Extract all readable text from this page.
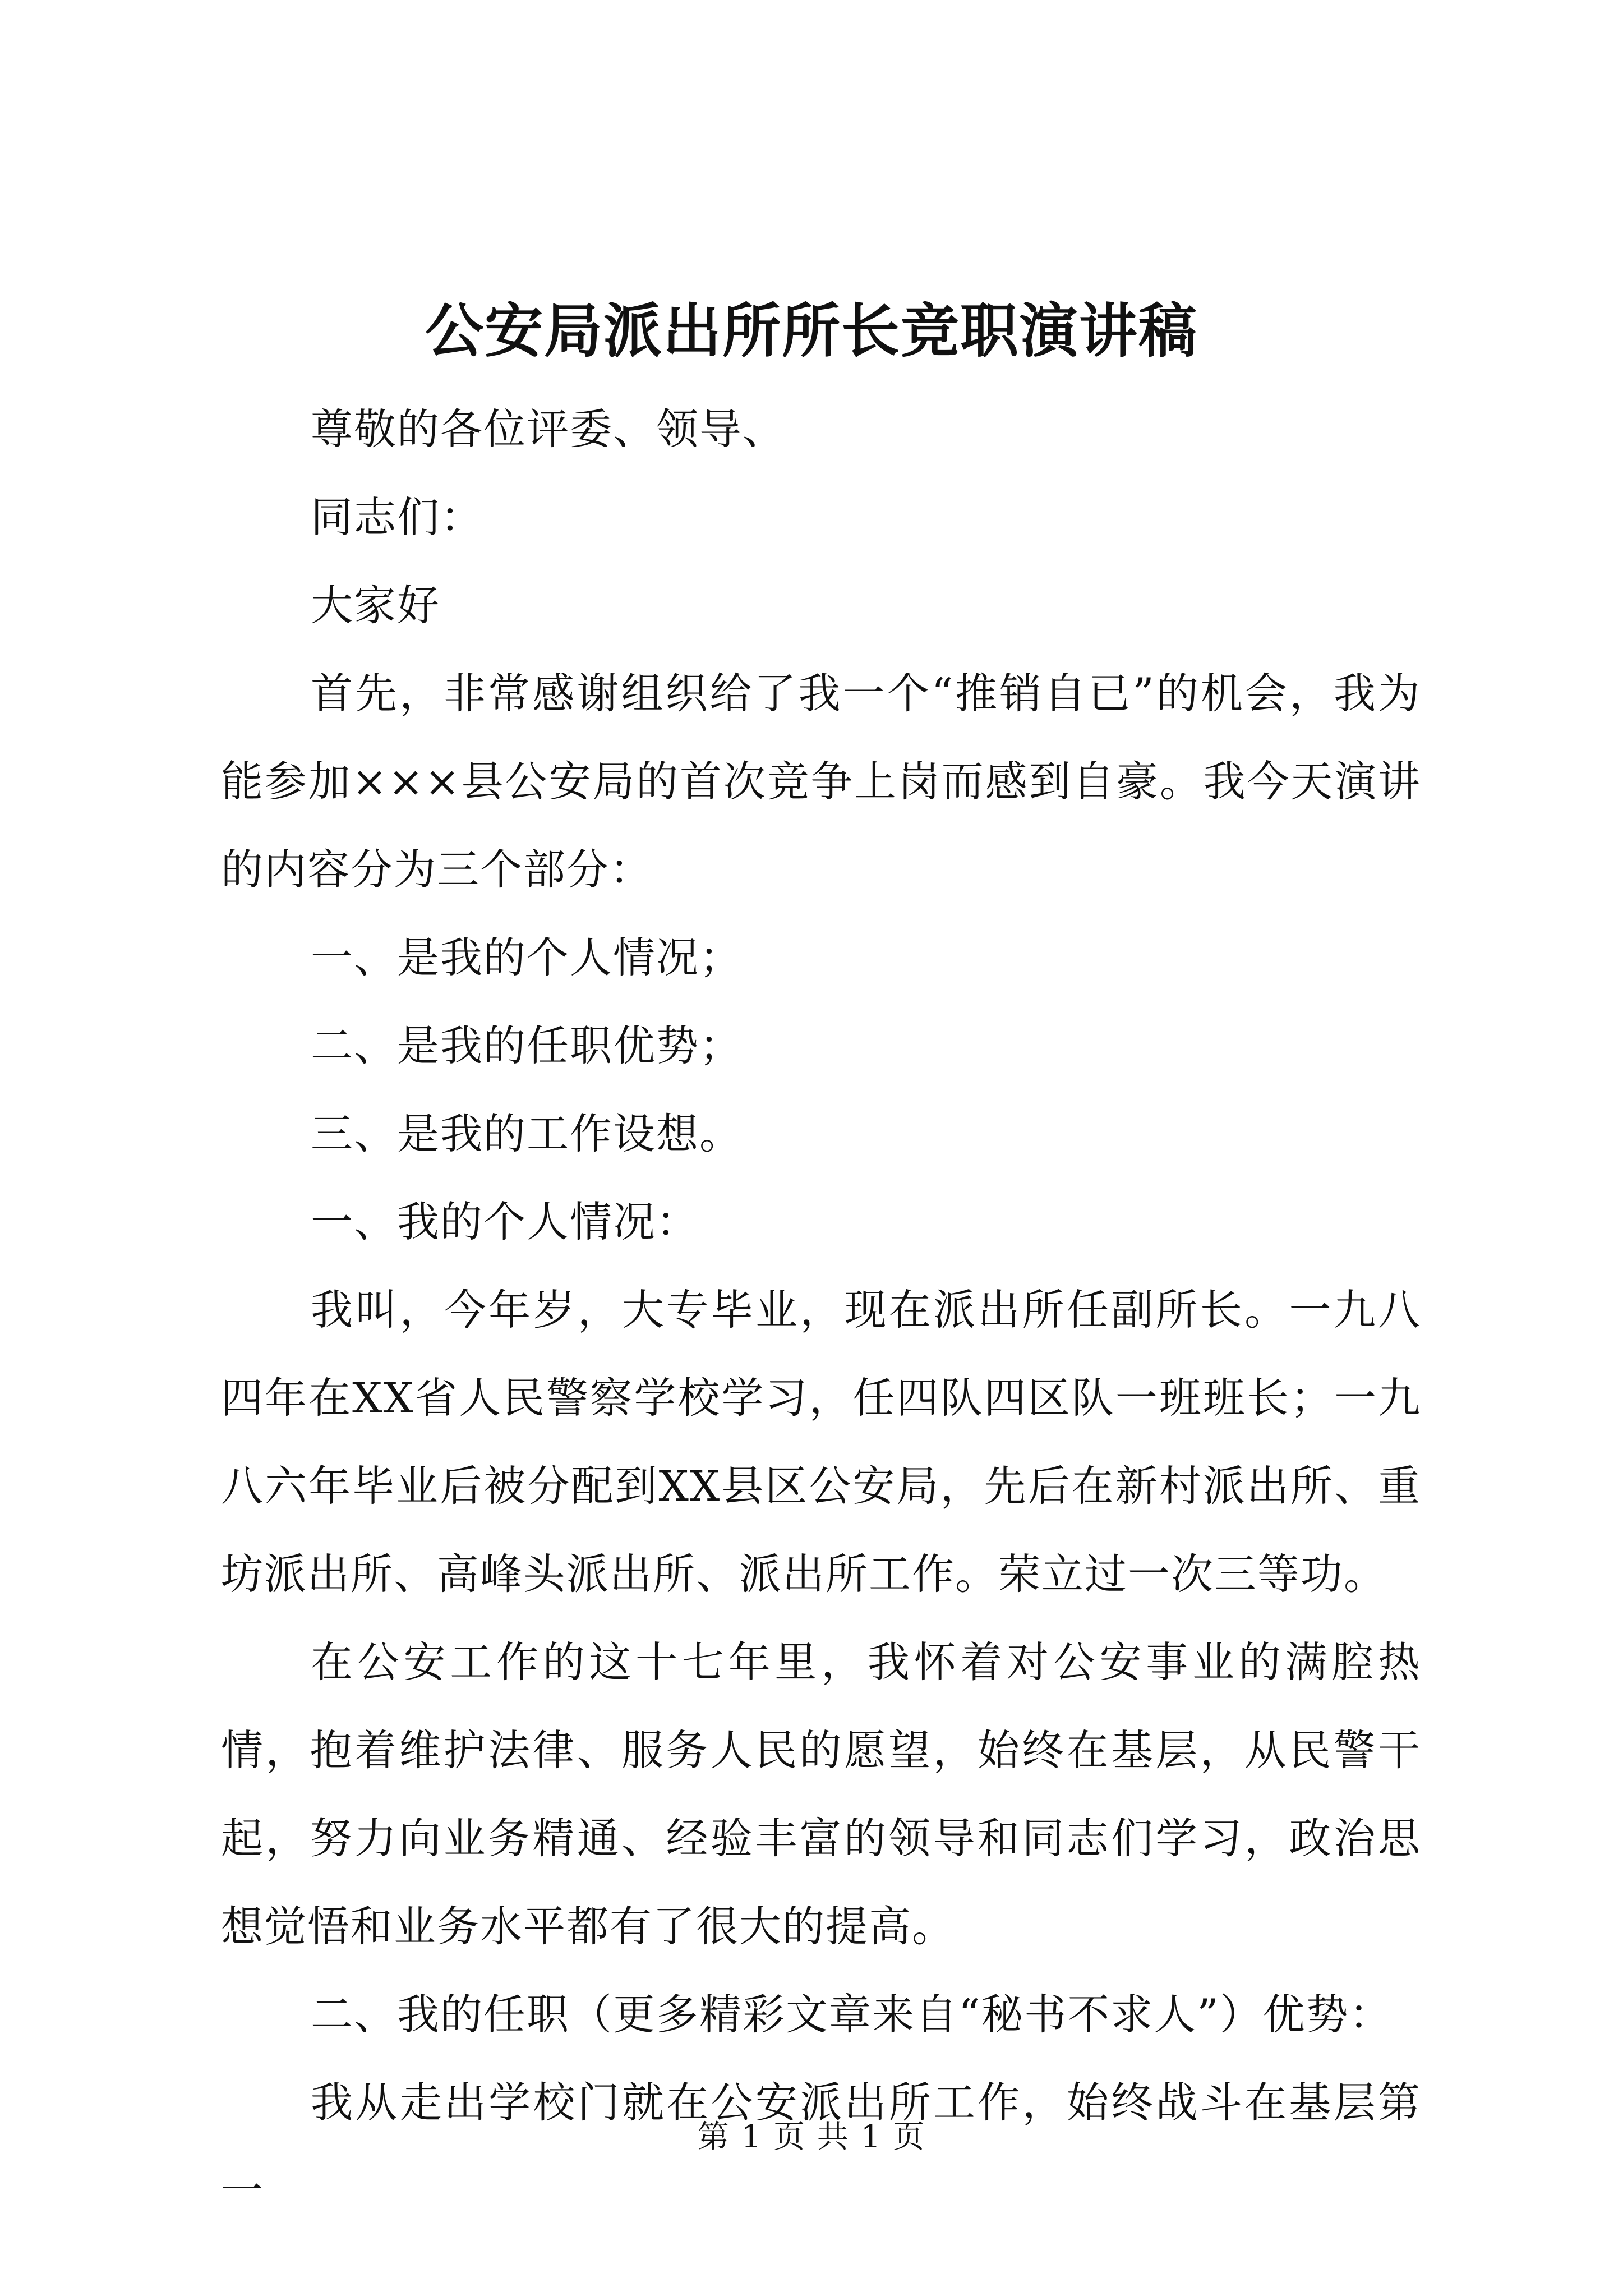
公安局派出所所长竞职演讲稿

尊敬的各位评委、领导、

同志们：

大家好

首先，非常感谢组织给了我一个“推销自已”的机会，我为能参加×××县公安局的首次竞争上岗而感到自豪。我今天演讲的内容分为三个部分：

一、是我的个人情况；

二、是我的任职优势；

三、是我的工作设想。

一、我的个人情况：

我叫，今年岁，大专毕业，现在派出所任副所长。一九八四年在XX省人民警察学校学习，任四队四区队一班班长；一九八六年毕业后被分配到XX县区公安局，先后在新村派出所、重坊派出所、高峰头派出所、派出所工作。荣立过一次三等功。

在公安工作的这十七年里，我怀着对公安事业的满腔热情，抱着维护法律、服务人民的愿望，始终在基层，从民警干起，努力向业务精通、经验丰富的领导和同志们学习，政治思想觉悟和业务水平都有了很大的提高。

二、我的任职（更多精彩文章来自“秘书不求人”）优势：

我从走出学校门就在公安派出所工作，始终战斗在基层第一

第 1 页 共 1 页
